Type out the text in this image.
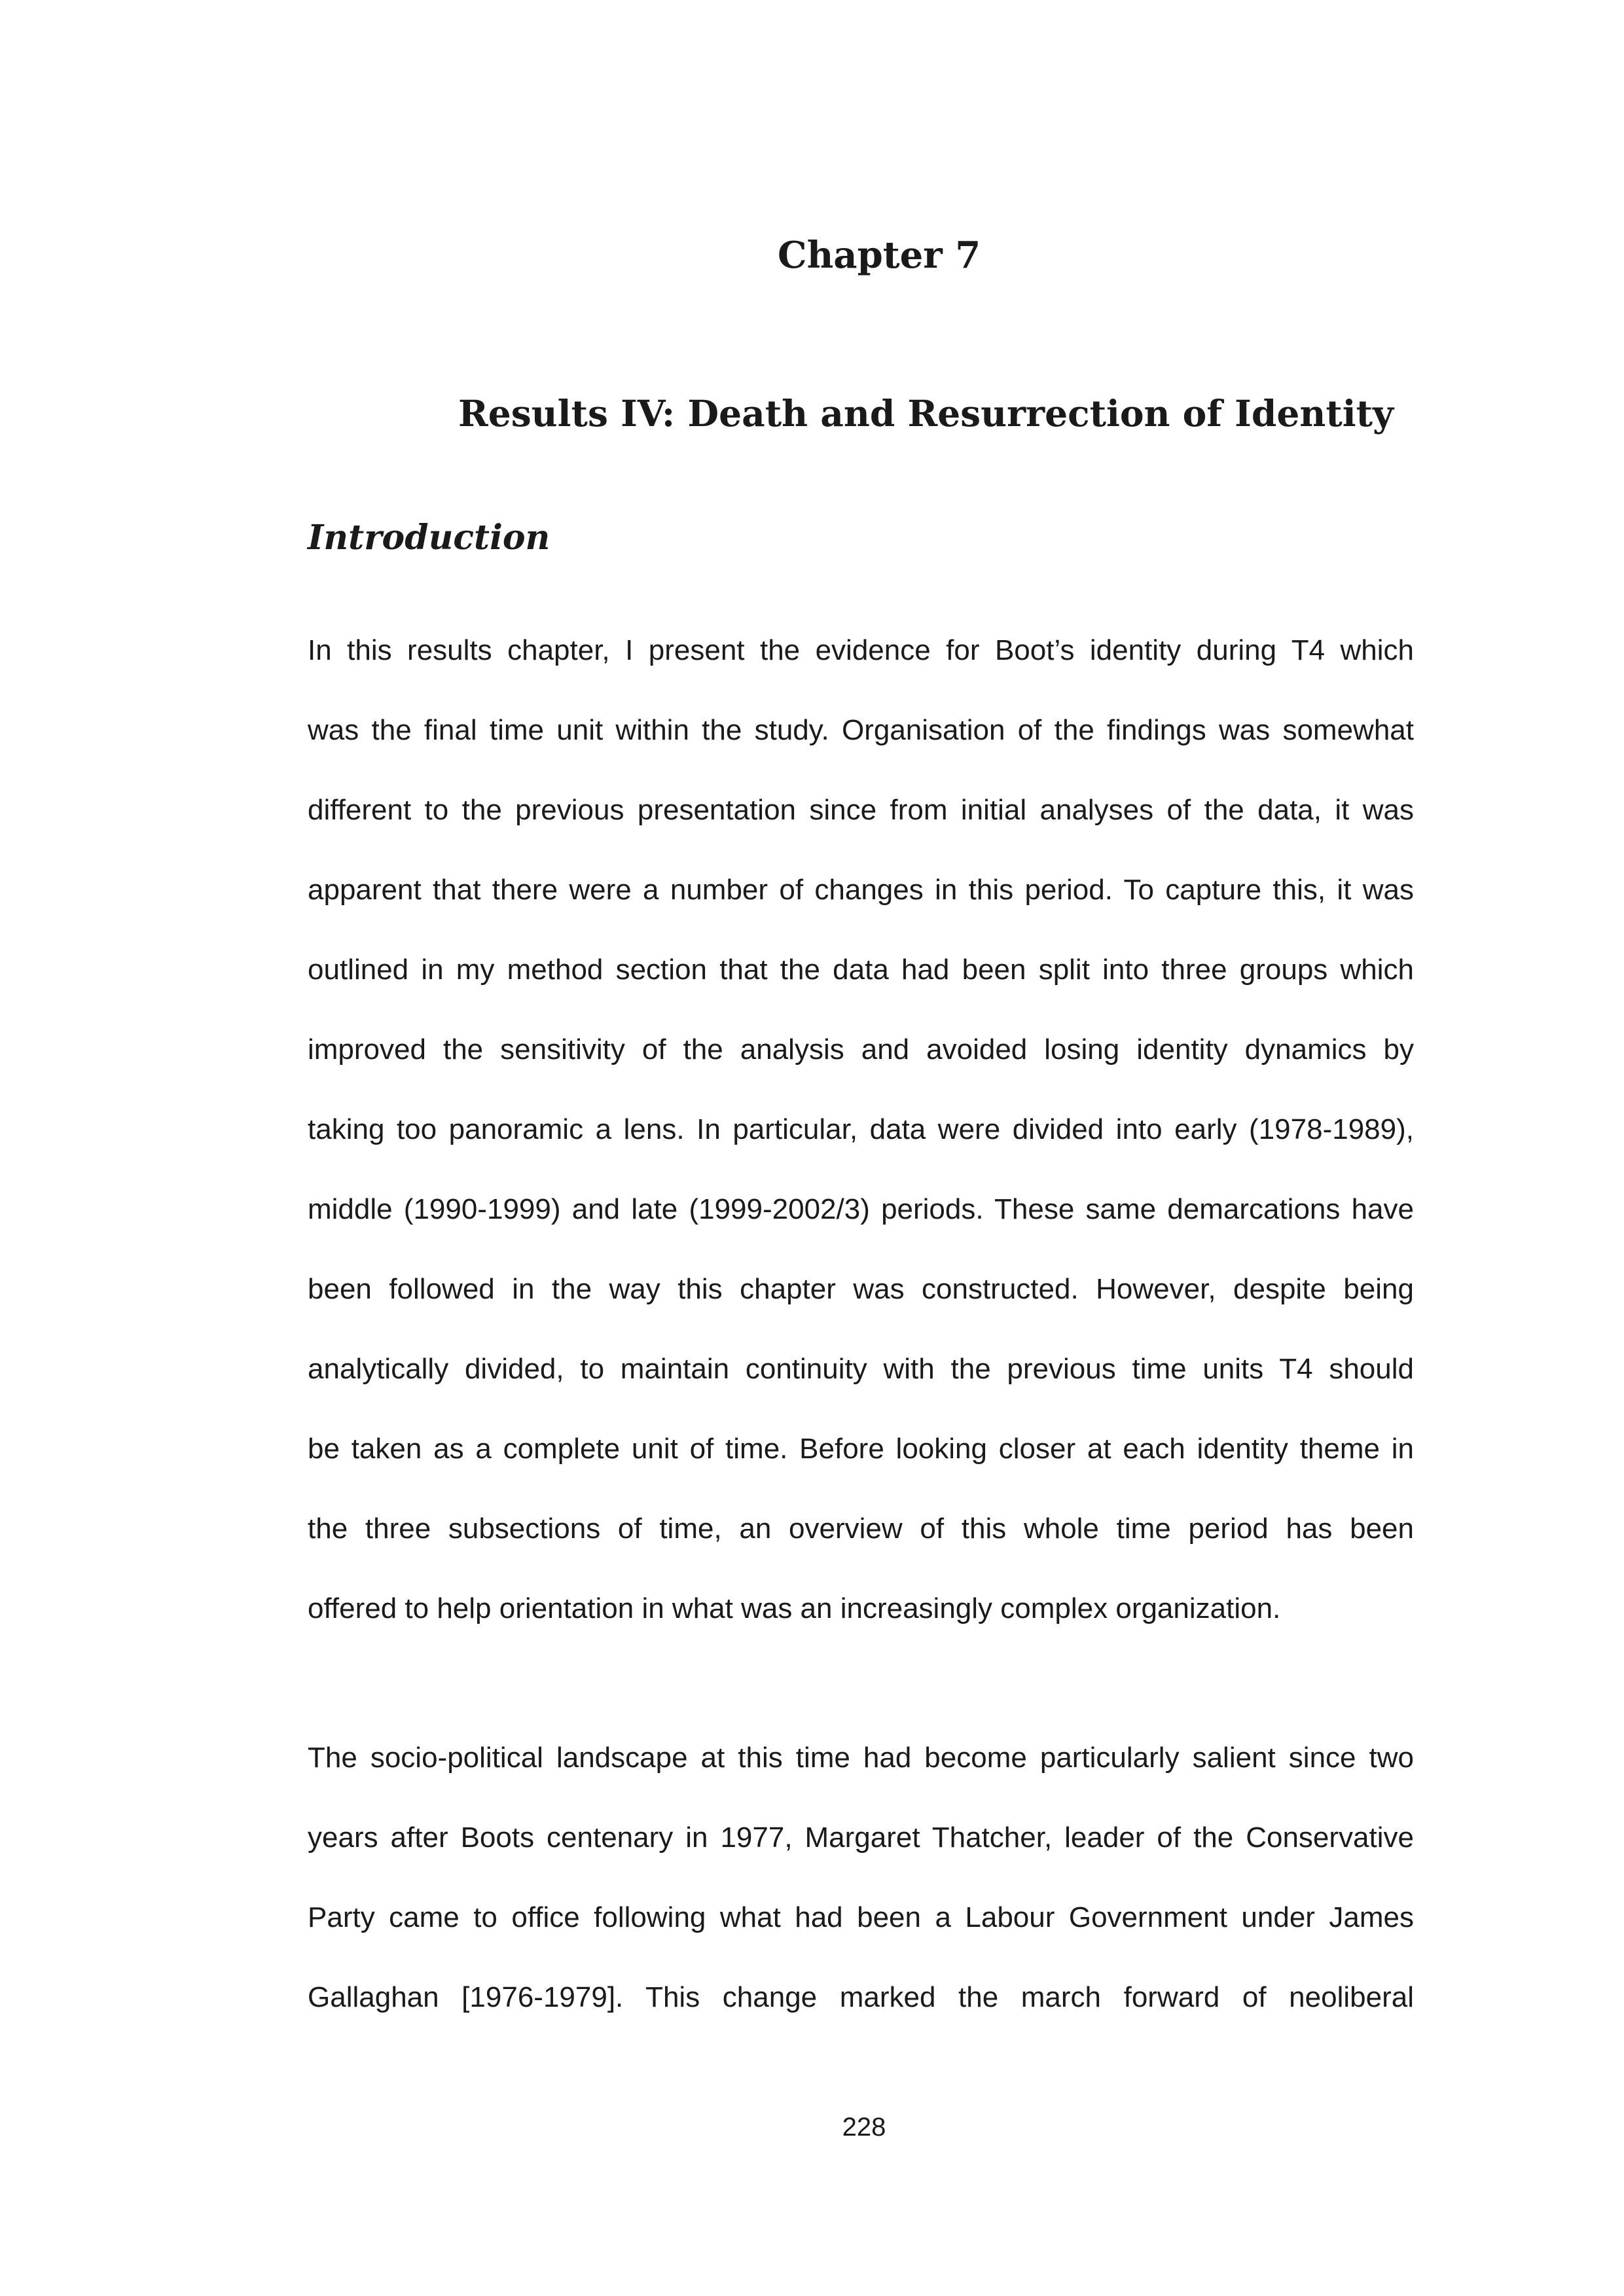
Chapter 7
Results IV: Death and Resurrection of Identity
Introduction
In this results chapter, I present the evidence for Boot’s identity during T4 which
was the final time unit within the study. Organisation of the findings was somewhat
different to the previous presentation since from initial analyses of the data, it was
apparent that there were a number of changes in this period. To capture this, it was
outlined in my method section that the data had been split into three groups which
improved the sensitivity of the analysis and avoided losing identity dynamics by
taking too panoramic a lens. In particular, data were divided into early (1978-1989),
middle (1990-1999) and late (1999-2002/3) periods. These same demarcations have
been followed in the way this chapter was constructed. However, despite being
analytically divided, to maintain continuity with the previous time units T4 should
be taken as a complete unit of time. Before looking closer at each identity theme in
the three subsections of time, an overview of this whole time period has been
offered to help orientation in what was an increasingly complex organization.
The socio-political landscape at this time had become particularly salient since two
years after Boots centenary in 1977, Margaret Thatcher, leader of the Conservative
Party came to office following what had been a Labour Government under James
Gallaghan [1976-1979]. This change marked the march forward of neoliberal
228
